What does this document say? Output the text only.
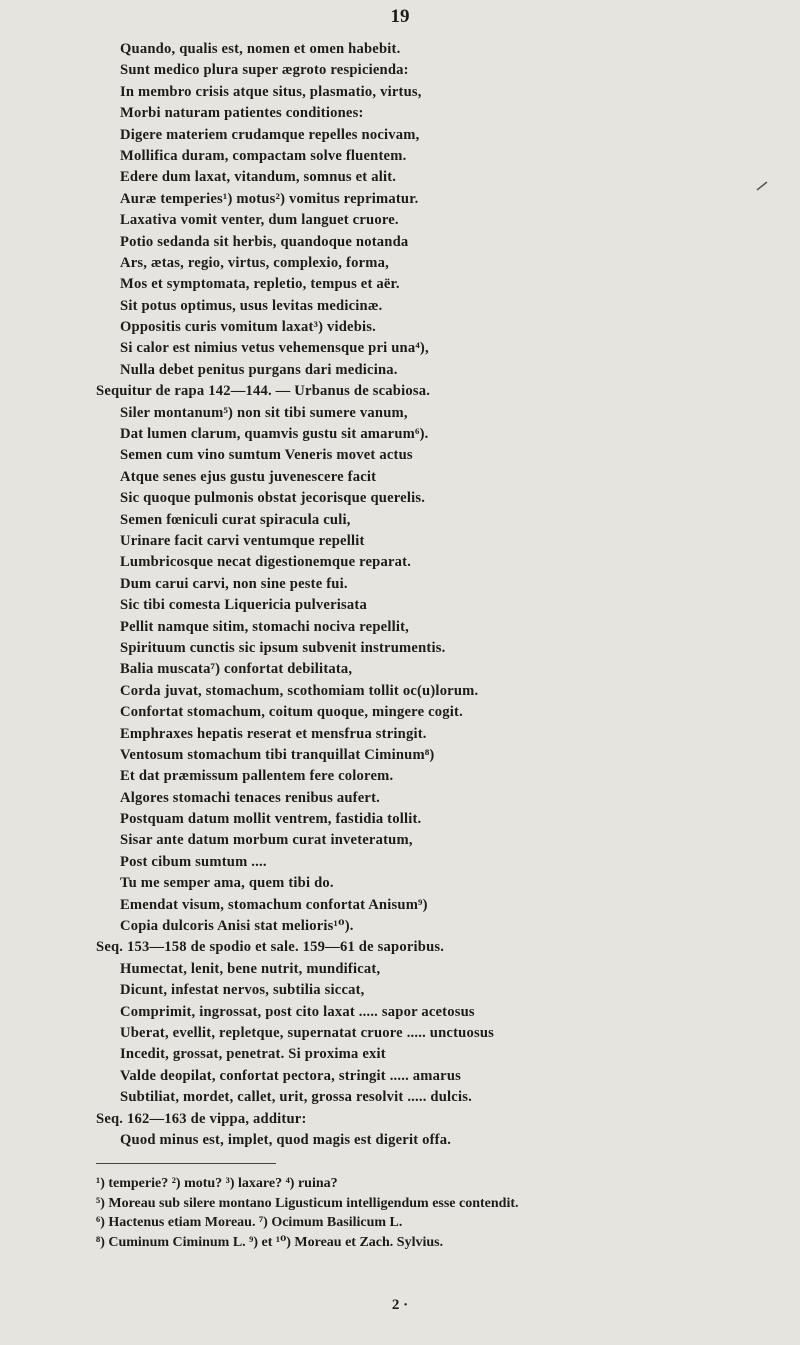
19
Quando, qualis est, nomen et omen habebit.
Sunt medico plura super ægroto respicienda:
In membro crisis atque situs, plasmatio, virtus,
Morbi naturam patientes conditiones:
Digere materiem crudamque repelles nocivam,
Mollifica duram, compactam solve fluentem.
Edere dum laxat, vitandum, somnus et alit.
Auræ temperies¹) motus²) vomitus reprimatur.
Laxativa vomit venter, dum languet cruore.
Potio sedanda sit herbis, quandoque notanda
Ars, ætas, regio, virtus, complexio, forma,
Mos et symptomata, repletio, tempus et aër.
Sit potus optimus, usus levitas medicinæ.
Oppositis curis vomitum laxat³) videbis.
Si calor est nimius vetus vehemensque pri una⁴),
Nulla debet penitus purgans dari medicina.
Sequitur de rapa 142—144. — Urbanus de scabiosa.
Siler montanum⁵) non sit tibi sumere vanum,
Dat lumen clarum, quamvis gustu sit amarum⁶).
Semen cum vino sumtum Veneris movet actus
Atque senes ejus gustu juvenescere facit
Sic quoque pulmonis obstat jecorisque querelis.
Semen fœniculi curat spiracula culi,
Urinare facit carvi ventumque repellit
Lumbricosque necat digestionemque reparat.
Dum carui carvi, non sine peste fui.
Sic tibi comesta Liquericia pulverisata
Pellit namque sitim, stomachi nociva repellit,
Spirituum cunctis sic ipsum subvenit instrumentis.
Balia muscata⁷) confortat debilitata,
Corda juvat, stomachum, scothomiam tollit oc(u)lorum.
Confortat stomachum, coitum quoque, mingere cogit.
Emphraxes hepatis reserat et mensfrua stringit.
Ventosum stomachum tibi tranquillat Ciminum⁸)
Et dat præmissum pallentem fere colorem.
Algores stomachi tenaces renibus aufert.
Postquam datum mollit ventrem, fastidia tollit.
Sisar ante datum morbum curat inveteratum,
Post cibum sumtum ....
Tu me semper ama, quem tibi do.
Emendat visum, stomachum confortat Anisum⁹)
Copia dulcoris Anisi stat melioris¹⁰).
Seq. 153—158 de spodio et sale. 159—61 de saporibus.
Humectat, lenit, bene nutrit, mundificat,
Dicunt, infestat nervos, subtilia siccat,
Comprimit, ingrossat, post cito laxat ..... sapor acetosus
Uberat, evellit, repletque, supernatat cruore ..... unctuosus
Incedit, grossat, penetrat. Si proxima exit
Valde deopilat, confortat pectora, stringit ..... amarus
Subtiliat, mordet, callet, urit, grossa resolvit ..... dulcis.
Seq. 162—163 de vippa, additur:
Quod minus est, implet, quod magis est digerit offa.
¹) temperie? ²) motu? ³) laxare? ⁴) ruina?
⁵) Moreau sub silere montano Ligusticum intelligendum esse contendit.
⁶) Hactenus etiam Moreau. ⁷) Ocimum Basilicum L.
⁸) Cuminum Ciminum L. ⁹) et ¹⁰) Moreau et Zach. Sylvius.
2 ·
